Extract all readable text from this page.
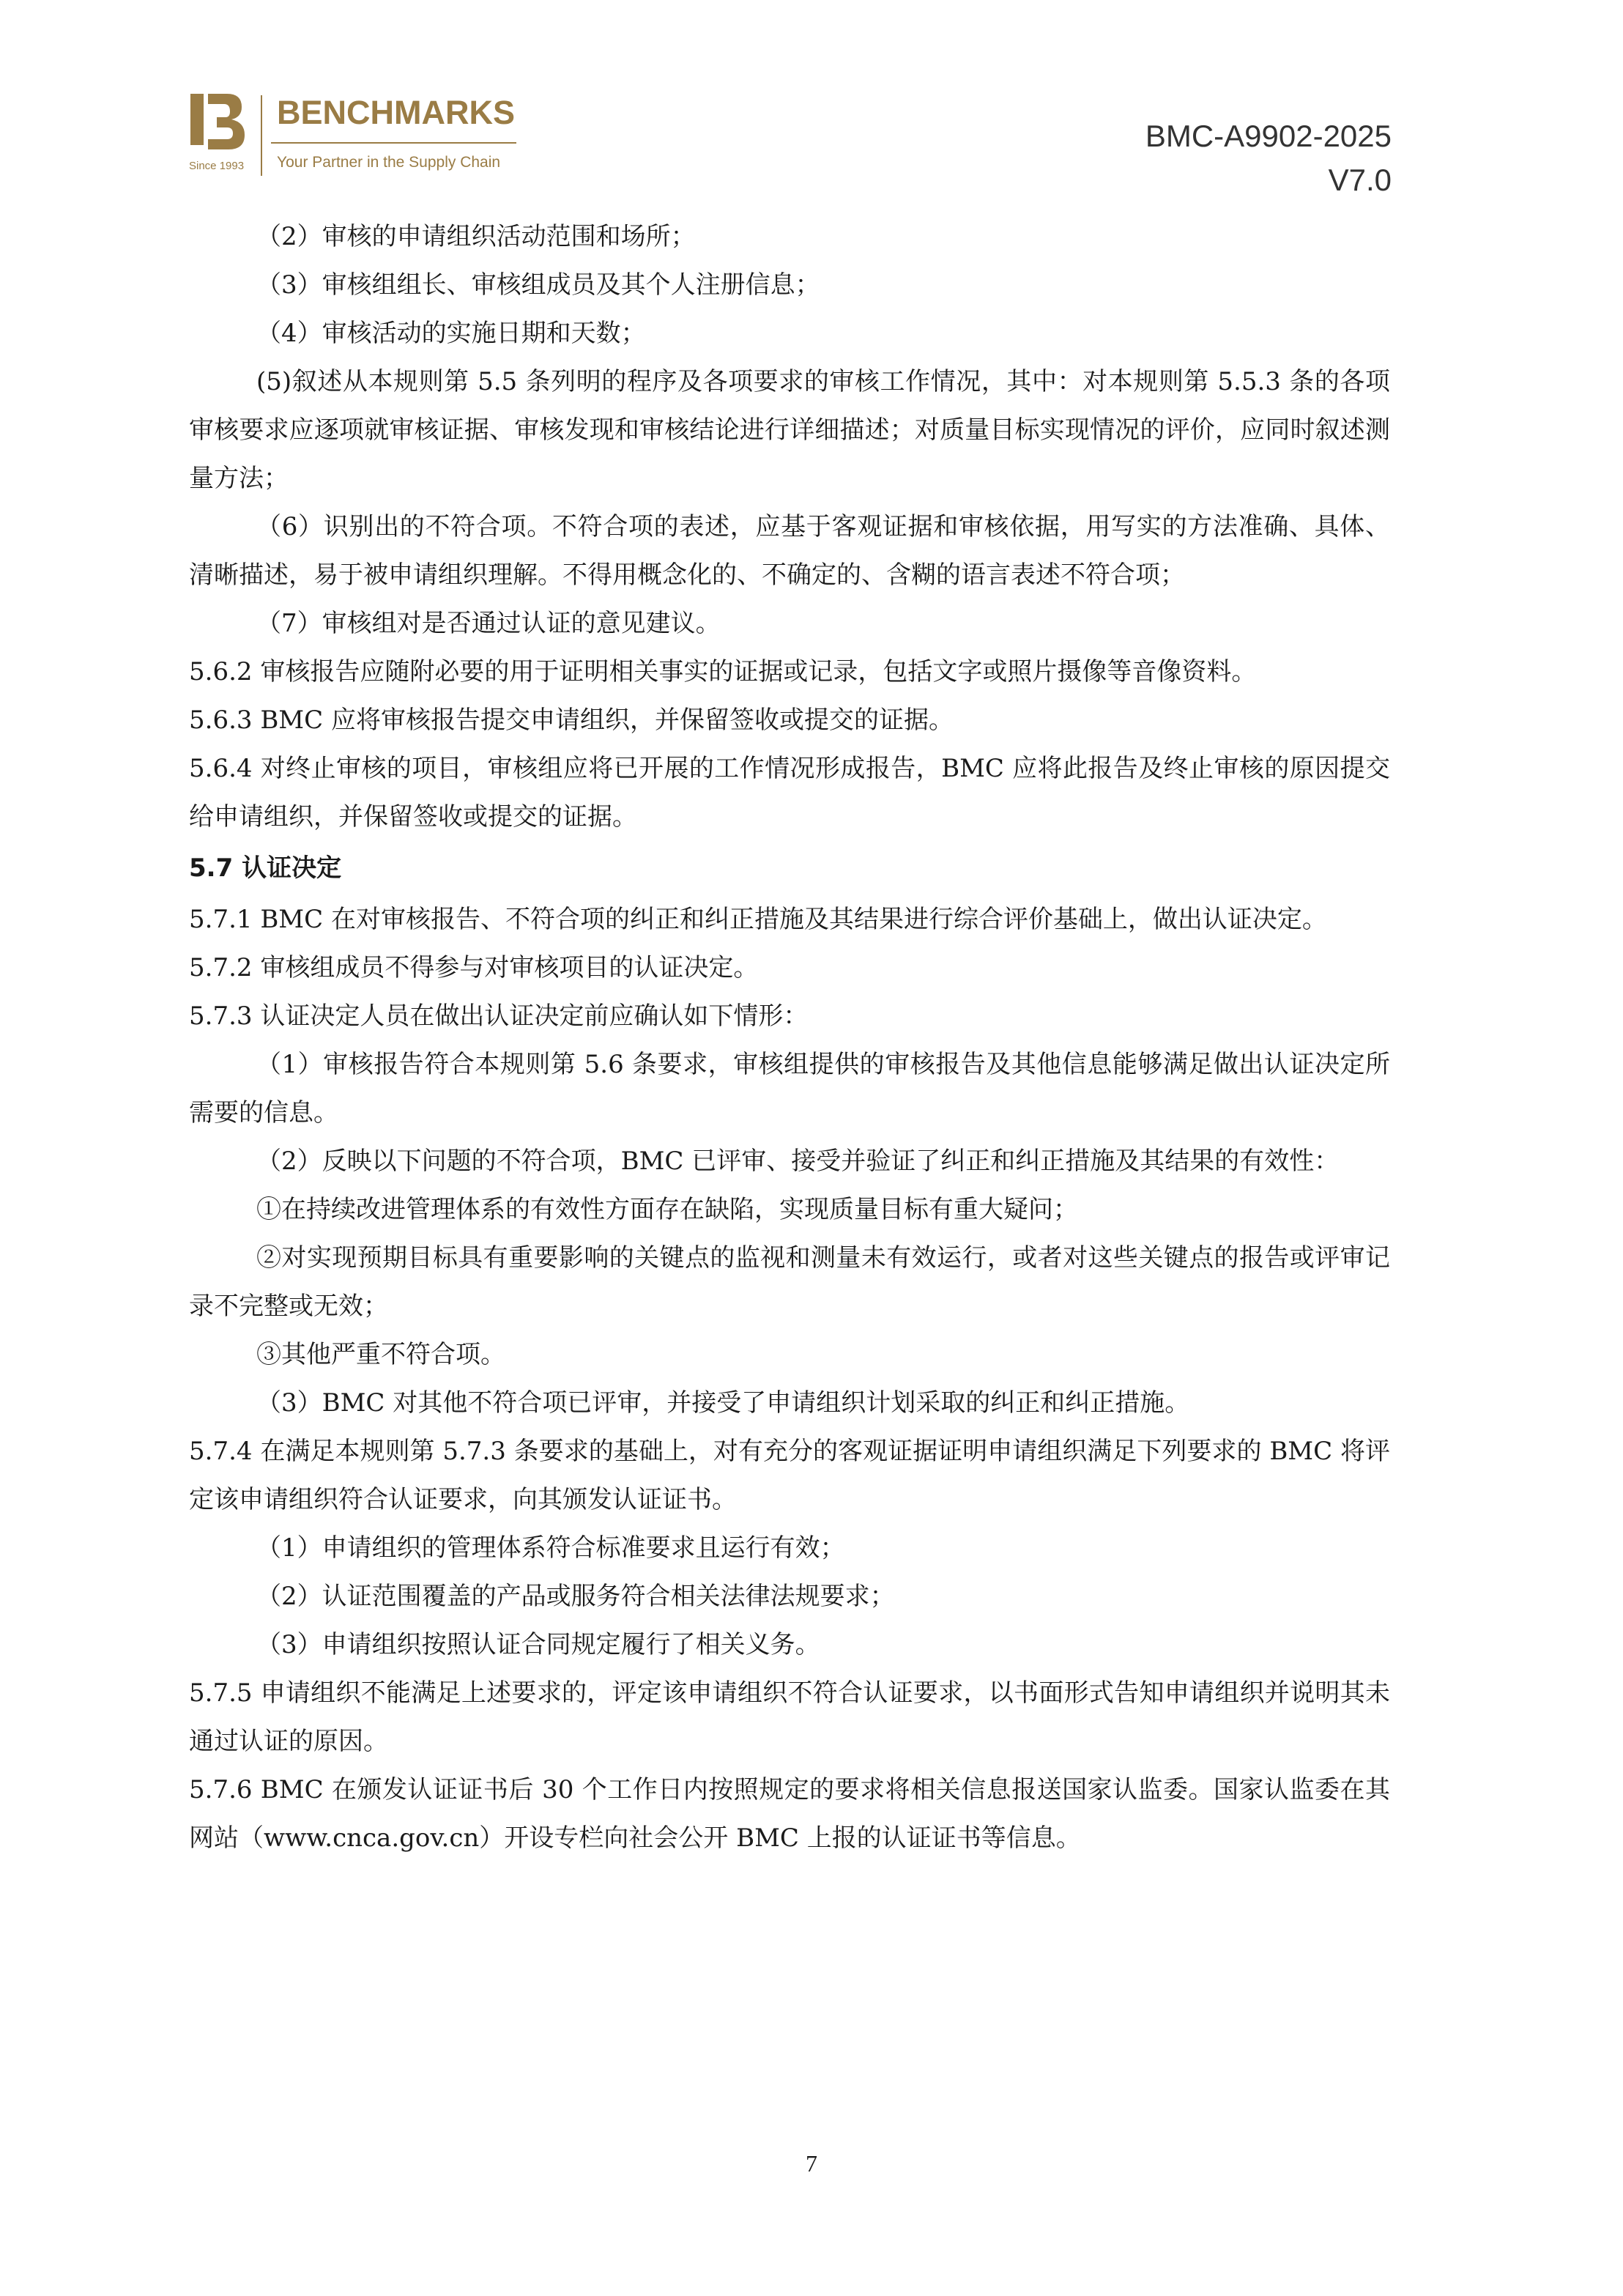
Since 1993
BENCHMARKS
Your Partner in the Supply Chain
BMC-A9902-2025
V7.0

（2）审核的申请组织活动范围和场所；

（3）审核组组长、审核组成员及其个人注册信息；

（4）审核活动的实施日期和天数；

(5)叙述从本规则第 5.5 条列明的程序及各项要求的审核工作情况，其中：对本规则第 5.5.3 条的各项审核要求应逐项就审核证据、审核发现和审核结论进行详细描述；对质量目标实现情况的评价，应同时叙述测量方法；

（6）识别出的不符合项。不符合项的表述，应基于客观证据和审核依据，用写实的方法准确、具体、清晰描述，易于被申请组织理解。不得用概念化的、不确定的、含糊的语言表述不符合项；

（7）审核组对是否通过认证的意见建议。

5.6.2 审核报告应随附必要的用于证明相关事实的证据或记录，包括文字或照片摄像等音像资料。

5.6.3 BMC 应将审核报告提交申请组织，并保留签收或提交的证据。

5.6.4 对终止审核的项目，审核组应将已开展的工作情况形成报告，BMC 应将此报告及终止审核的原因提交给申请组织，并保留签收或提交的证据。

5.7 认证决定

5.7.1 BMC 在对审核报告、不符合项的纠正和纠正措施及其结果进行综合评价基础上，做出认证决定。

5.7.2 审核组成员不得参与对审核项目的认证决定。

5.7.3 认证决定人员在做出认证决定前应确认如下情形：

（1）审核报告符合本规则第 5.6 条要求，审核组提供的审核报告及其他信息能够满足做出认证决定所需要的信息。

（2）反映以下问题的不符合项，BMC 已评审、接受并验证了纠正和纠正措施及其结果的有效性：

①在持续改进管理体系的有效性方面存在缺陷，实现质量目标有重大疑问；

②对实现预期目标具有重要影响的关键点的监视和测量未有效运行，或者对这些关键点的报告或评审记录不完整或无效；

③其他严重不符合项。

（3）BMC 对其他不符合项已评审，并接受了申请组织计划采取的纠正和纠正措施。

5.7.4 在满足本规则第 5.7.3 条要求的基础上，对有充分的客观证据证明申请组织满足下列要求的 BMC 将评定该申请组织符合认证要求，向其颁发认证证书。

（1）申请组织的管理体系符合标准要求且运行有效；

（2）认证范围覆盖的产品或服务符合相关法律法规要求；

（3）申请组织按照认证合同规定履行了相关义务。

5.7.5 申请组织不能满足上述要求的，评定该申请组织不符合认证要求，以书面形式告知申请组织并说明其未通过认证的原因。

5.7.6 BMC 在颁发认证证书后 30 个工作日内按照规定的要求将相关信息报送国家认监委。国家认监委在其网站（www.cnca.gov.cn）开设专栏向社会公开 BMC 上报的认证证书等信息。

7
